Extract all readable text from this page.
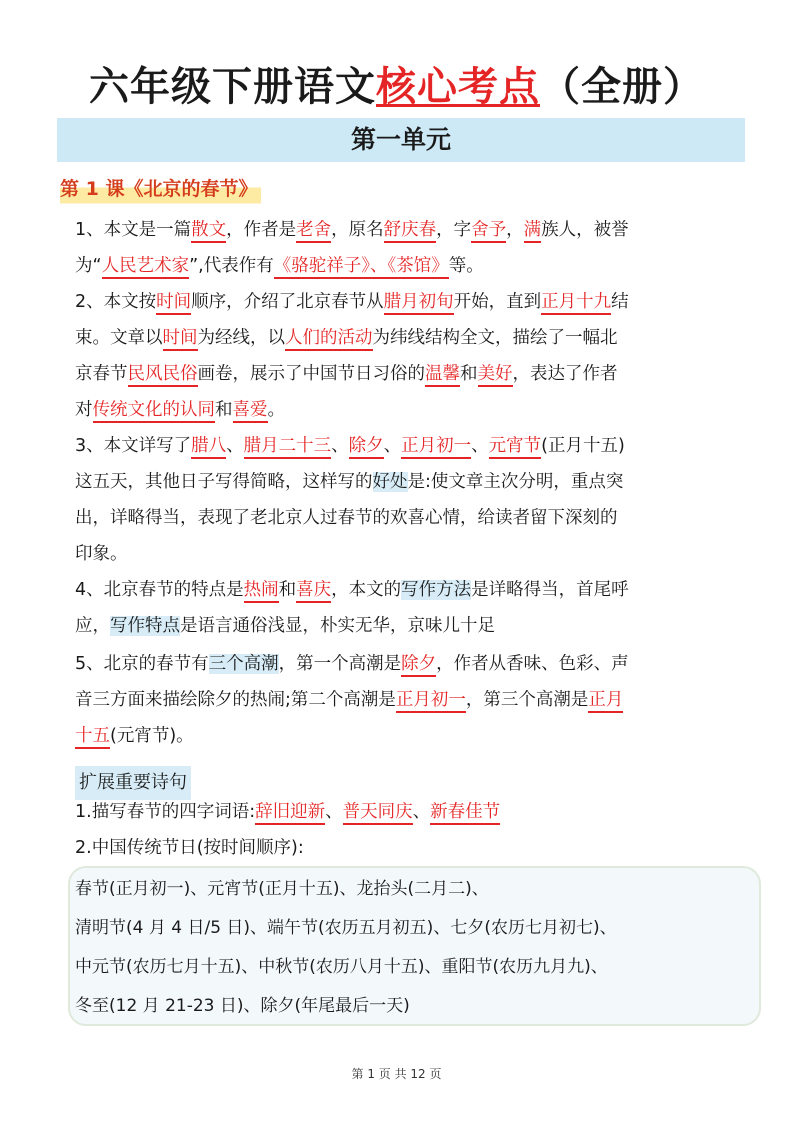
六年级下册语文核心考点（全册）
第一单元
第 1 课《北京的春节》
1、本文是一篇散文，作者是老舍，原名舒庆春，字舍予，满族人，被誉
为“人民艺术家”,代表作有《骆驼祥子》、《茶馆》等。
2、本文按时间顺序，介绍了北京春节从腊月初旬开始，直到正月十九结
束。文章以时间为经线，以人们的活动为纬线结构全文，描绘了一幅北
京春节民风民俗画卷，展示了中国节日习俗的温馨和美好，表达了作者
对传统文化的认同和喜爱。
3、本文详写了腊八、腊月二十三、除夕、正月初一、元宵节(正月十五)
这五天，其他日子写得简略，这样写的好处是:使文章主次分明，重点突
出，详略得当，表现了老北京人过春节的欢喜心情，给读者留下深刻的
印象。
4、北京春节的特点是热闹和喜庆，本文的写作方法是详略得当，首尾呼
应，写作特点是语言通俗浅显，朴实无华，京味儿十足
5、北京的春节有三个高潮，第一个高潮是除夕，作者从香味、色彩、声
音三方面来描绘除夕的热闹;第二个高潮是正月初一，第三个高潮是正月
十五(元宵节)。
扩展重要诗句
1.描写春节的四字词语:辞旧迎新、普天同庆、新春佳节
2.中国传统节日(按时间顺序):
春节(正月初一)、元宵节(正月十五)、龙抬头(二月二)、
清明节(4 月 4 日/5 日)、端午节(农历五月初五)、七夕(农历七月初七)、
中元节(农历七月十五)、中秋节(农历八月十五)、重阳节(农历九月九)、
冬至(12 月 21-23 日)、除夕(年尾最后一天)
第 1 页 共 12 页
